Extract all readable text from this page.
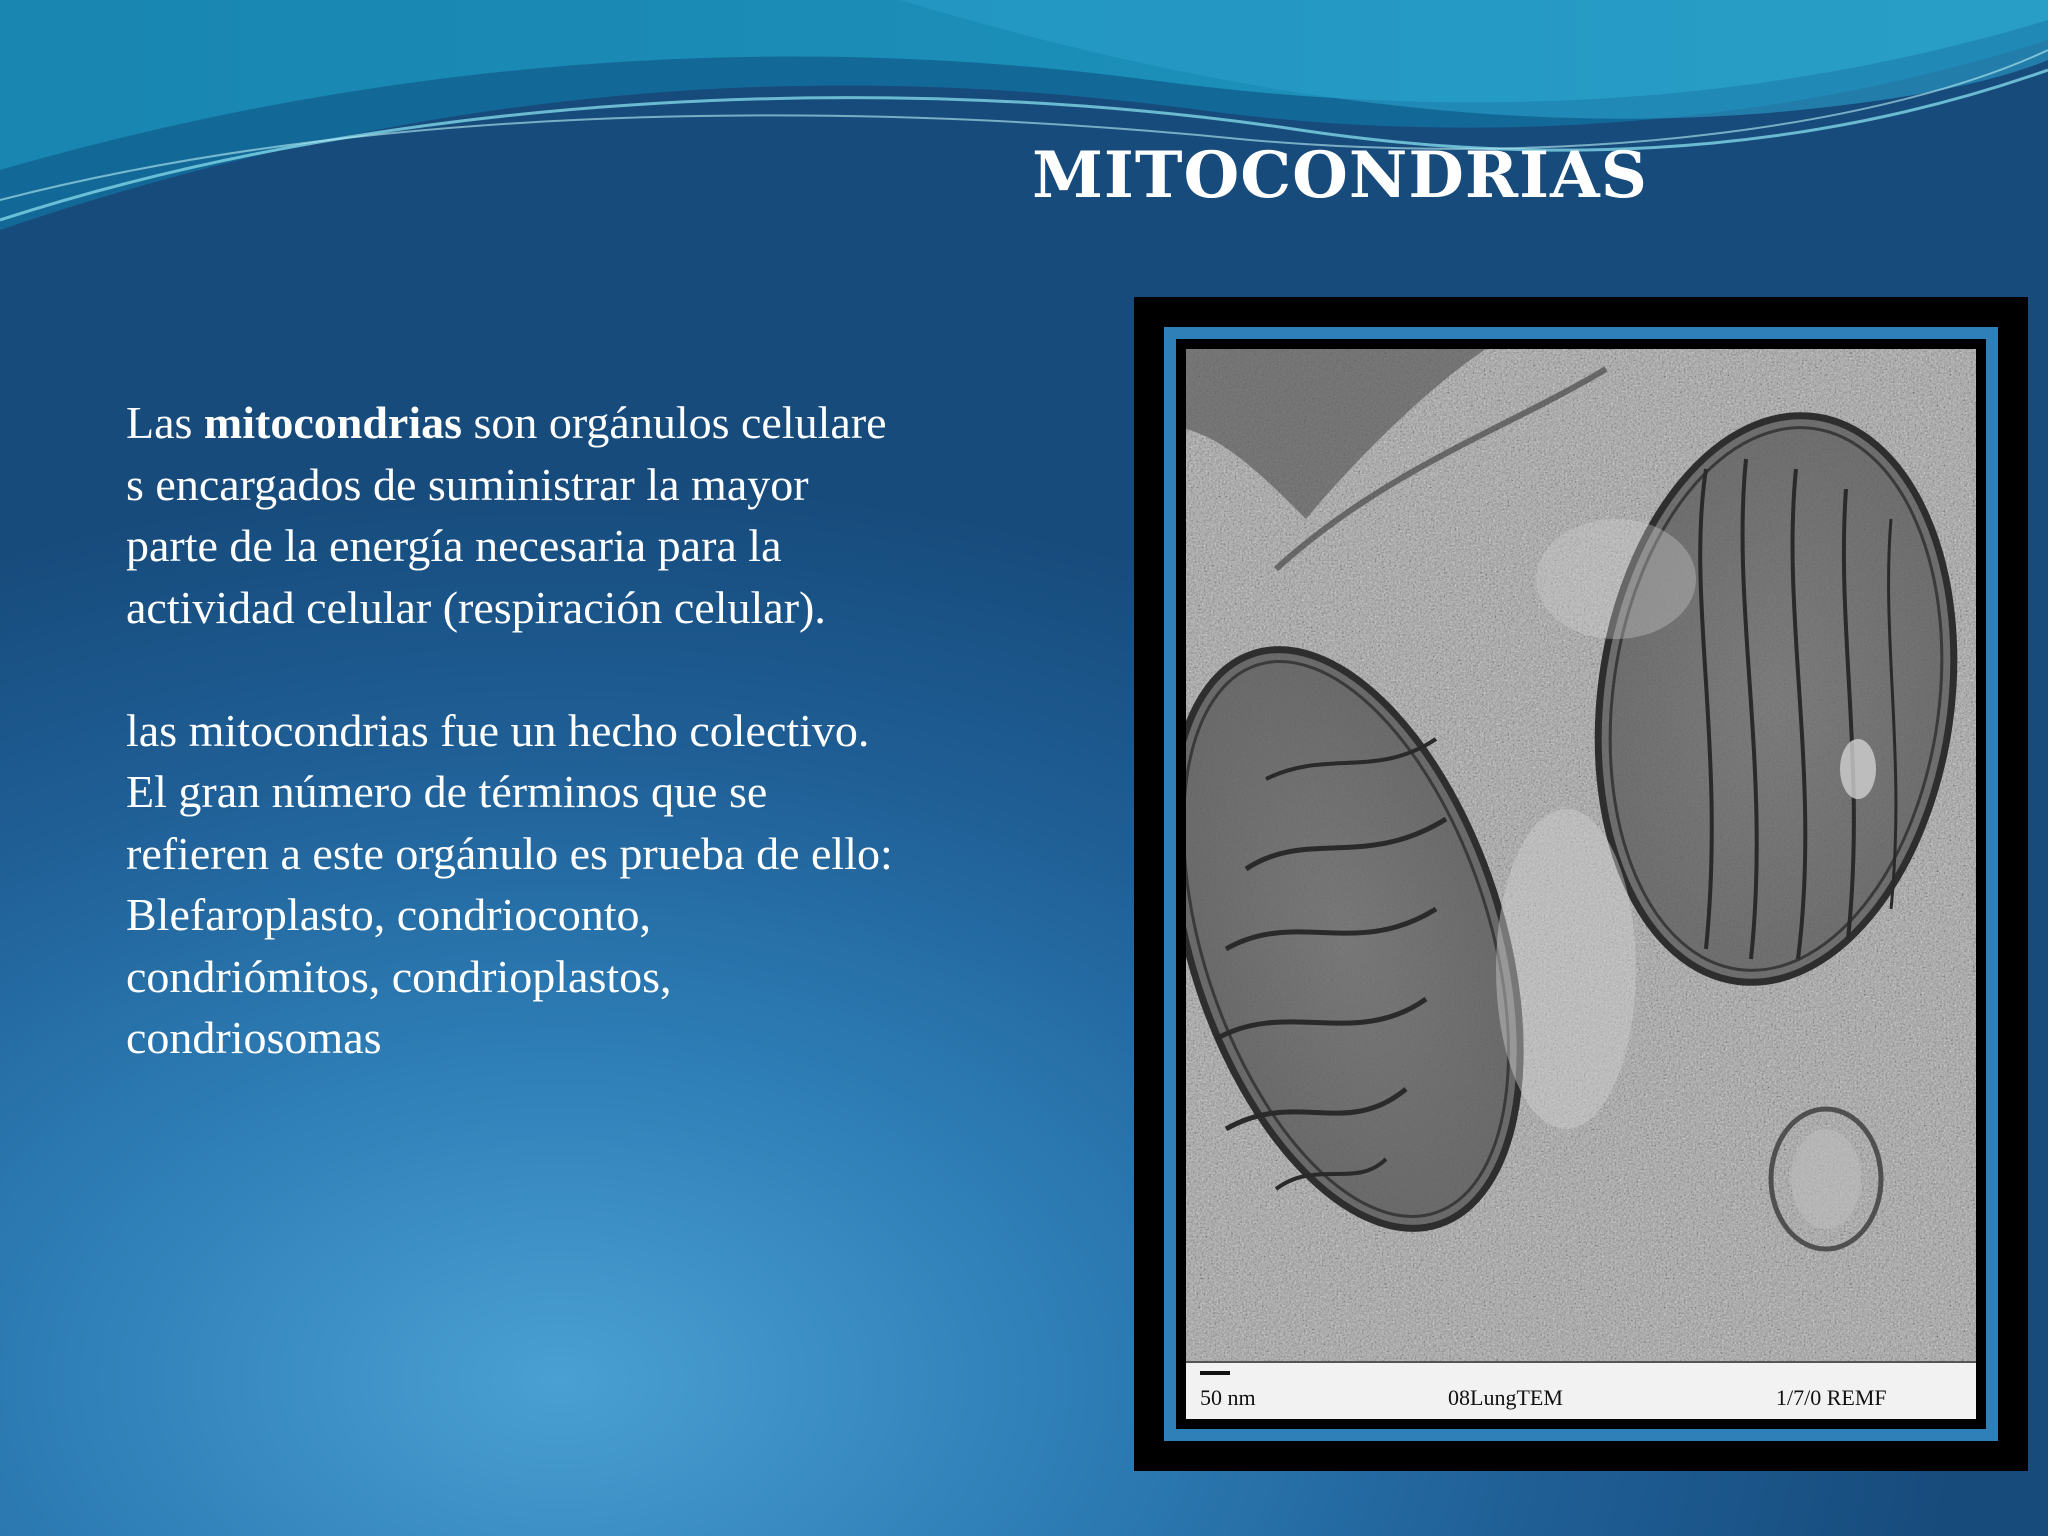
MITOCONDRIAS

Las mitocondrias son orgánulos celulare

s encargados de suministrar la mayor

parte de la energía necesaria para la

actividad celular (respiración celular).

las mitocondrias fue un hecho colectivo.

El gran número de términos que se

refieren a este orgánulo es prueba de ello:

Blefaroplasto, condrioconto,

condriómitos, condrioplastos,

condriosomas

50 nm	08LungTEM	1/7/0 REMF
